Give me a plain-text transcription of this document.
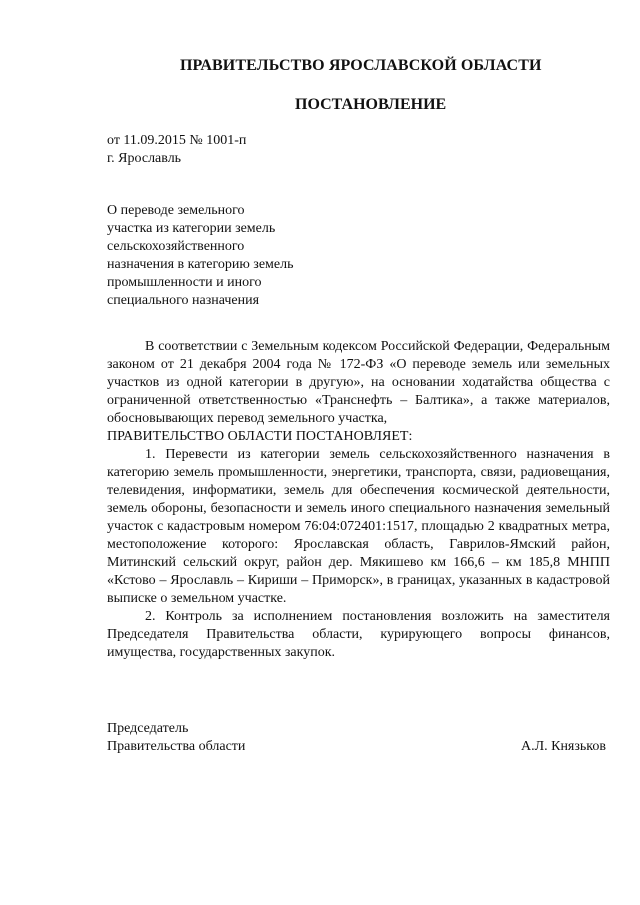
ПРАВИТЕЛЬСТВО ЯРОСЛАВСКОЙ ОБЛАСТИ
ПОСТАНОВЛЕНИЕ
от 11.09.2015 № 1001-п
г. Ярославль
О переводе земельного
участка из категории земель
сельскохозяйственного
назначения в категорию земель
промышленности и иного
специального назначения

В соответствии с Земельным кодексом Российской Федерации, Федеральным законом от 21 декабря 2004 года № 172-ФЗ «О переводе земель или земельных участков из одной категории в другую», на основании ходатайства общества с ограниченной ответственностью «Транснефть – Балтика», а также материалов, обосновывающих перевод земельного участка,

ПРАВИТЕЛЬСТВО ОБЛАСТИ ПОСТАНОВЛЯЕТ:

1. Перевести из категории земель сельскохозяйственного назначения в категорию земель промышленности, энергетики, транспорта, связи, радиовещания, телевидения, информатики, земель для обеспечения космической деятельности, земель обороны, безопасности и земель иного специального назначения земельный участок с кадастровым номером 76:04:072401:1517, площадью 2 квадратных метра, местоположение которого: Ярославская область, Гаврилов-Ямский район, Митинский сельский округ, район дер. Мякишево км 166,6 – км 185,8 МНПП «Кстово – Ярославль – Кириши – Приморск», в границах, указанных в кадастровой выписке о земельном участке.

2. Контроль за исполнением постановления возложить на заместителя Председателя Правительства области, курирующего вопросы финансов, имущества, государственных закупок.

Председатель
Правительства области	А.Л. Князьков
